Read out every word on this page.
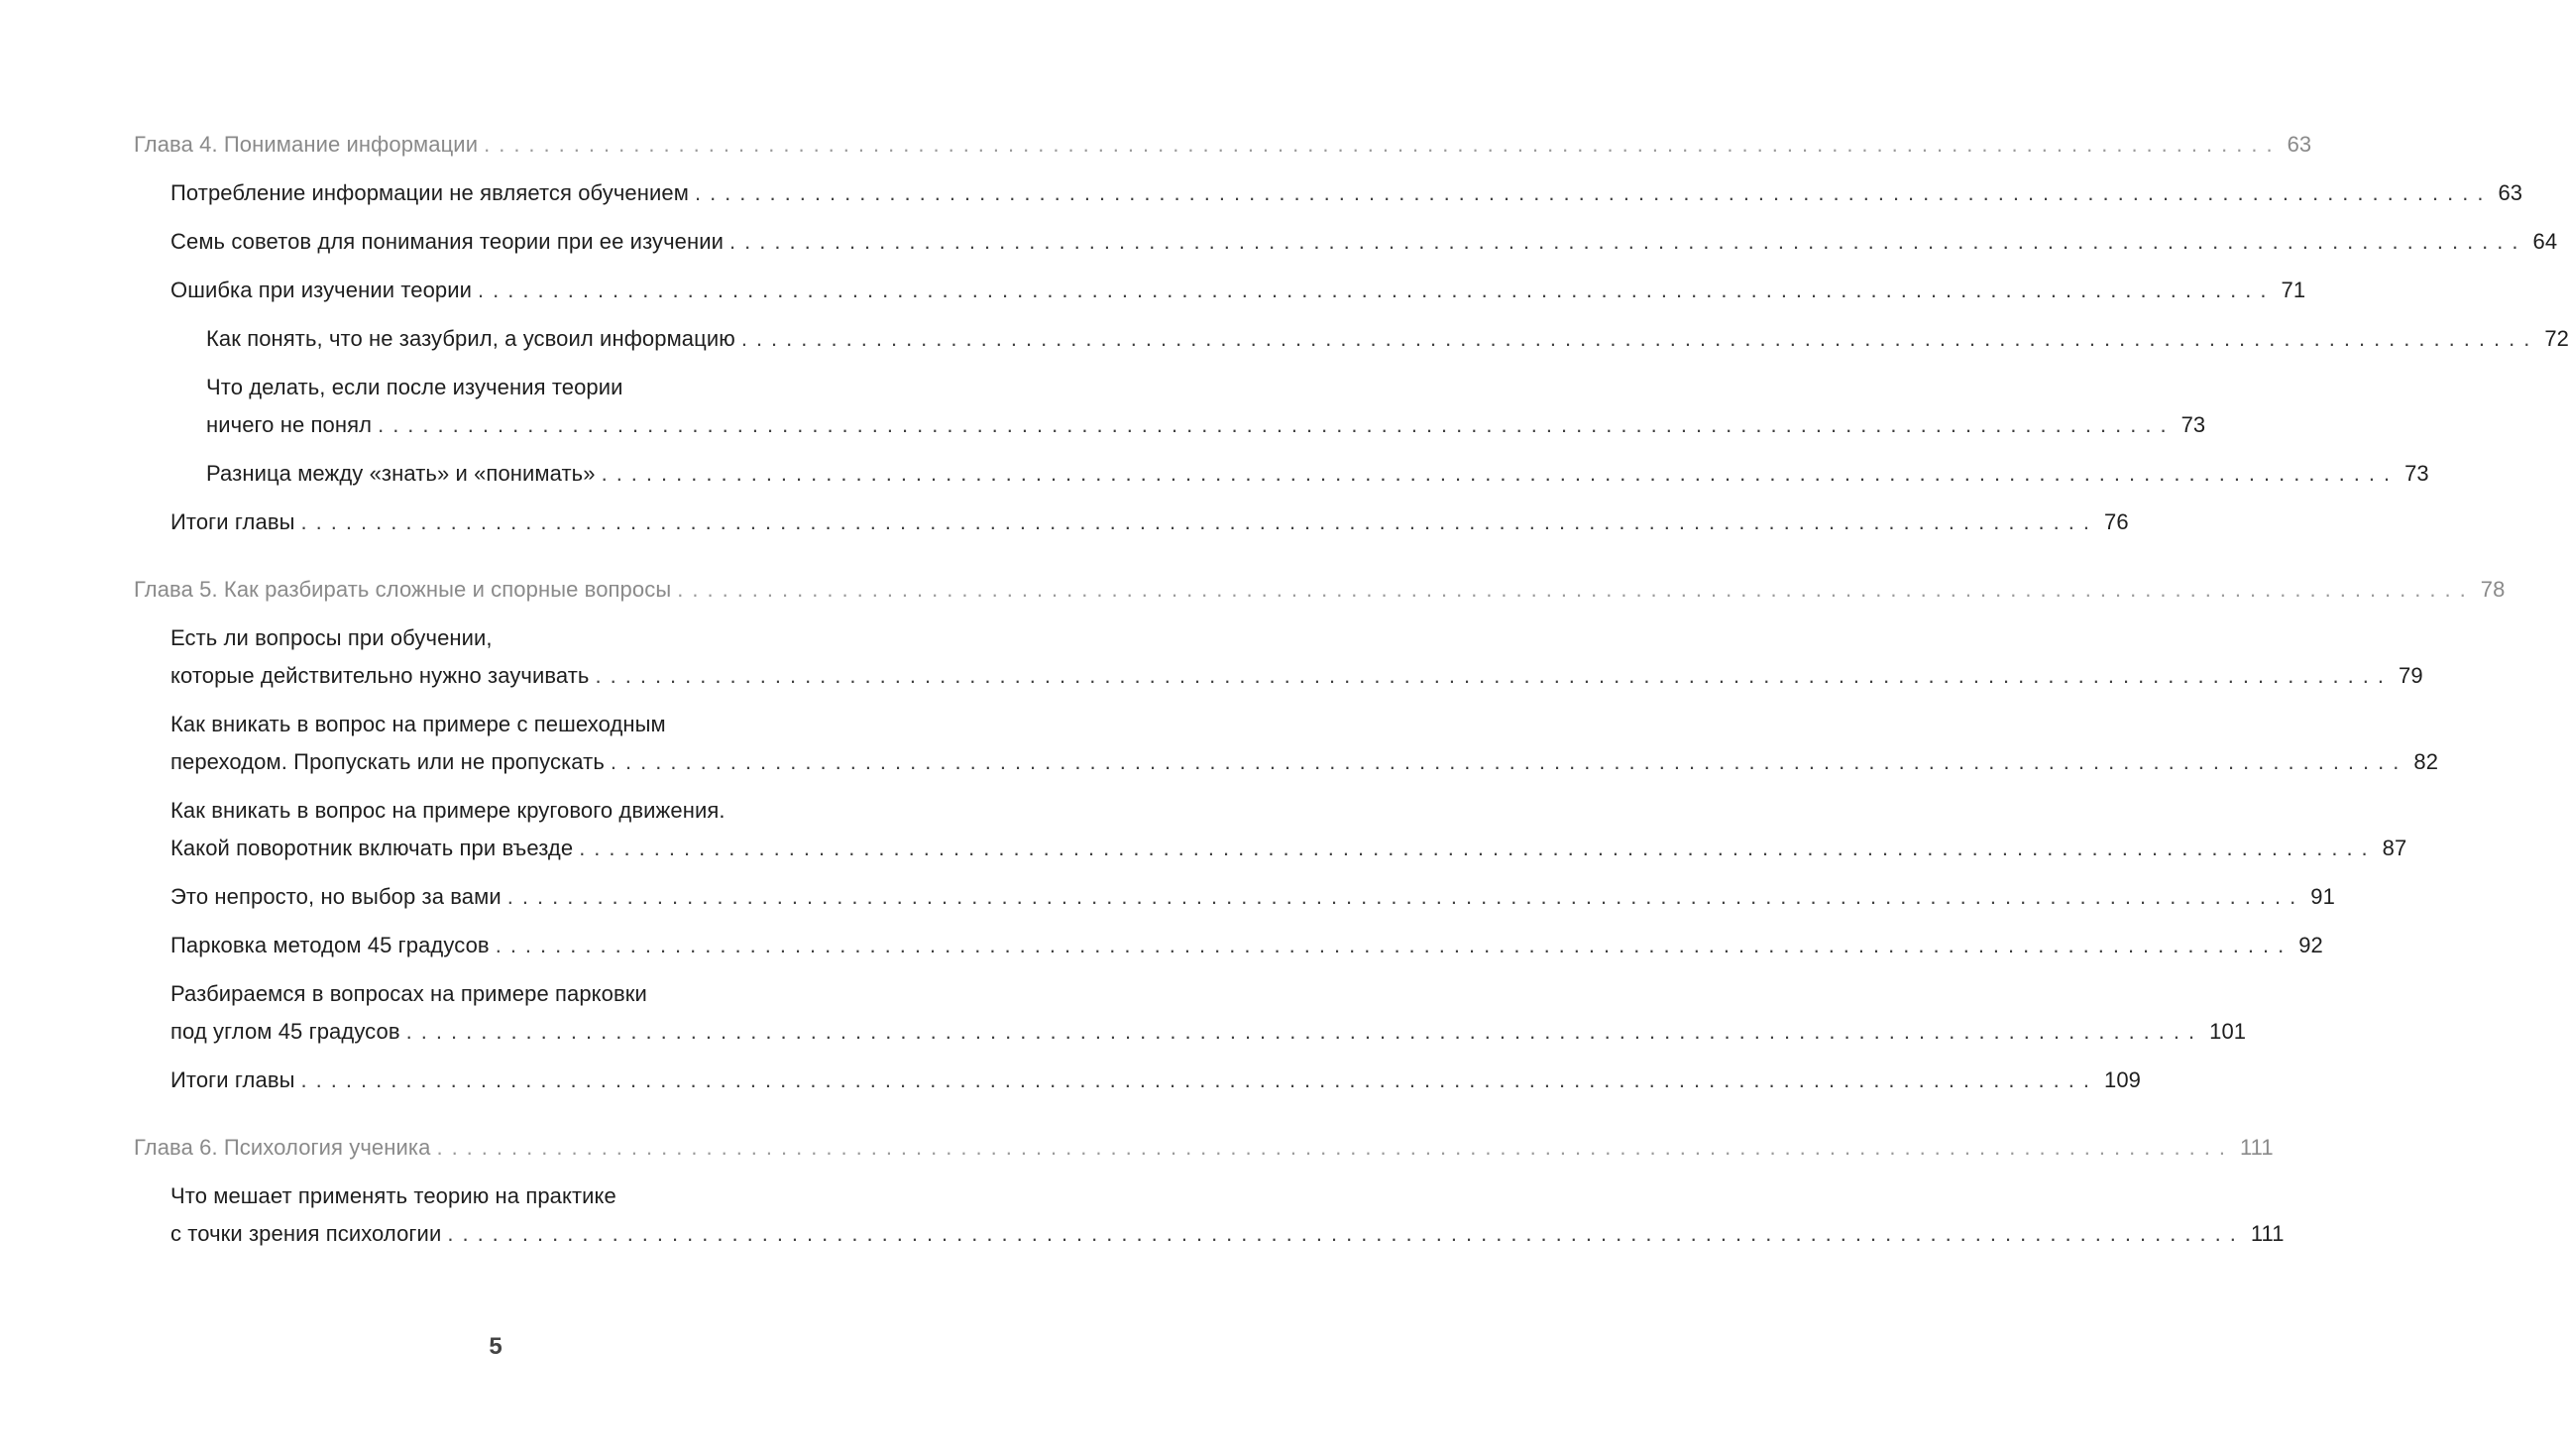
Глава 4. Понимание информации ........................................................................................................................ 63
Потребление информации не является обучением ........................................................................................................................ 63
Семь советов для понимания теории при ее изучении ........................................................................................................................ 64
Ошибка при изучении теории ........................................................................................................................ 71
Как понять, что не зазубрил, а усвоил информацию ........................................................................................................................ 72
Что делать, если после изучения теории
ничего не понял ........................................................................................................................ 73
Разница между «знать» и «понимать» ........................................................................................................................ 73
Итоги главы ........................................................................................................................ 76
Глава 5. Как разбирать сложные и спорные вопросы ........................................................................................................................ 78
Есть ли вопросы при обучении,
которые действительно нужно заучивать ........................................................................................................................ 79
Как вникать в вопрос на примере с пешеходным
переходом. Пропускать или не пропускать ........................................................................................................................ 82
Как вникать в вопрос на примере кругового движения.
Какой поворотник включать при въезде ........................................................................................................................ 87
Это непросто, но выбор за вами ........................................................................................................................ 91
Парковка методом 45 градусов ........................................................................................................................ 92
Разбираемся в вопросах на примере парковки
под углом 45 градусов ........................................................................................................................ 101
Итоги главы ........................................................................................................................ 109
Глава 6. Психология ученика ........................................................................................................................ 111
Что мешает применять теорию на практике
с точки зрения психологии ........................................................................................................................ 111
5
